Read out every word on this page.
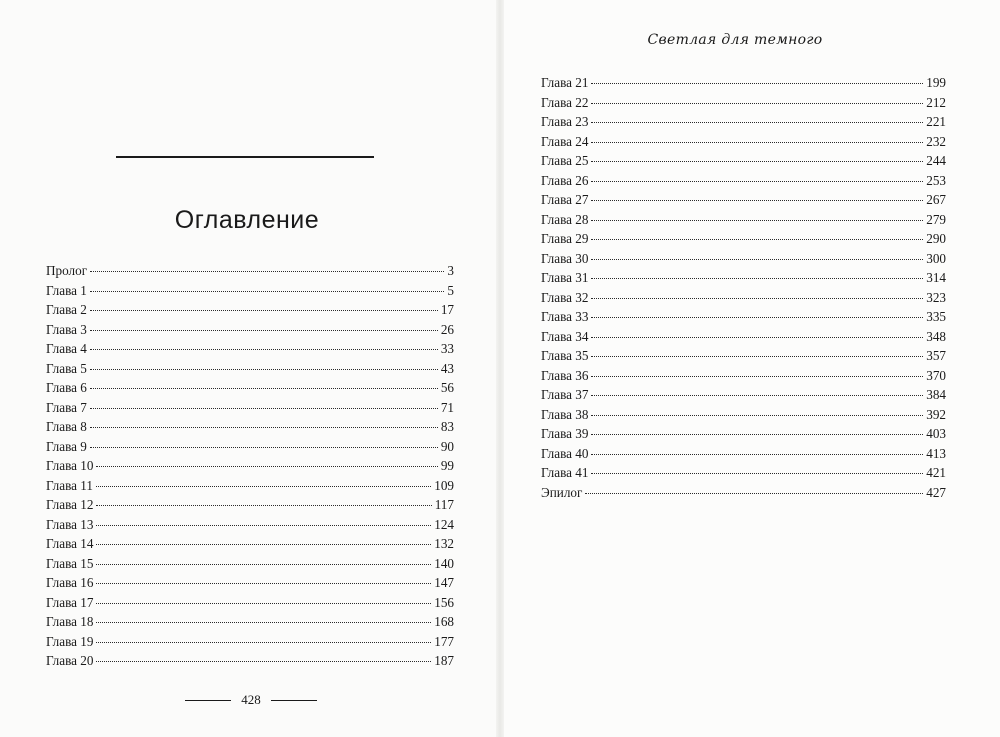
Оглавление
Пролог	3
Глава 1	5
Глава 2	17
Глава 3	26
Глава 4	33
Глава 5	43
Глава 6	56
Глава 7	71
Глава 8	83
Глава 9	90
Глава 10	99
Глава 11	109
Глава 12	117
Глава 13	124
Глава 14	132
Глава 15	140
Глава 16	147
Глава 17	156
Глава 18	168
Глава 19	177
Глава 20	187
428
Светлая для темного
Глава 21	199
Глава 22	212
Глава 23	221
Глава 24	232
Глава 25	244
Глава 26	253
Глава 27	267
Глава 28	279
Глава 29	290
Глава 30	300
Глава 31	314
Глава 32	323
Глава 33	335
Глава 34	348
Глава 35	357
Глава 36	370
Глава 37	384
Глава 38	392
Глава 39	403
Глава 40	413
Глава 41	421
Эпилог	427
